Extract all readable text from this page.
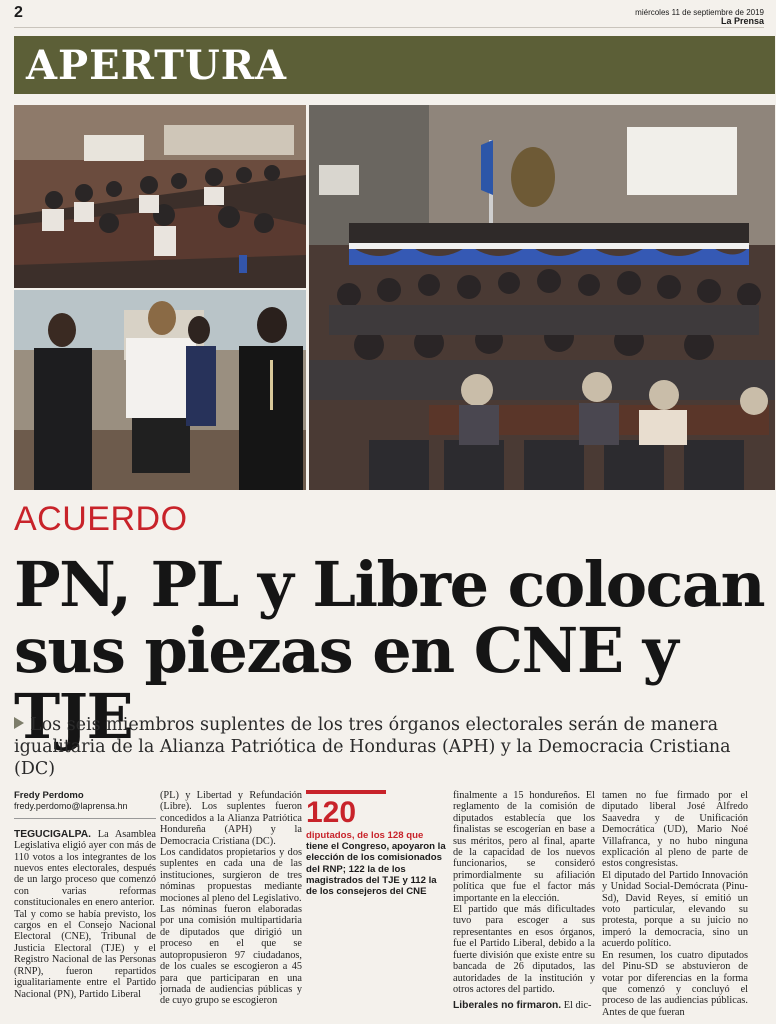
2	miércoles 11 de septiembre de 2019
La Prensa
APERTURA
ACUERDO
PN, PL y Libre colocan
sus piezas en CNE y TJE
Los seis miembros suplentes de los tres órganos electorales serán de manera igualitaria de la Alianza Patriótica de Honduras (APH) y la Democracia Cristiana (DC)
Fredy Perdomo
fredy.perdomo@laprensa.hn

TEGUCIGALPA. La Asamblea Legislativa eligió ayer con más de 110 votos a los integrantes de los nuevos entes electorales, después de un largo proceso que comenzó con varias reformas constitucionales en enero anterior.

Tal y como se había previsto, los cargos en el Consejo Nacional Electoral (CNE), Tribunal de Justicia Electoral (TJE) y el Registro Nacional de las Personas (RNP), fueron repartidos igualitariamente entre el Partido Nacional (PN), Partido Liberal

(PL) y Libertad y Refundación (Libre). Los suplentes fueron concedidos a la Alianza Patriótica Hondureña (APH) y la Democracia Cristiana (DC).

Los candidatos propietarios y dos suplentes en cada una de las instituciones, surgieron de tres nóminas propuestas mediante mociones al pleno del Legislativo.

Las nóminas fueron elaboradas por una comisión multipartidaria de diputados que dirigió un proceso en el que se autopropusieron 97 ciudadanos, de los cuales se escogieron a 45 para que participaran en una jornada de audiencias públicas y de cuyo grupo se escogieron

120
diputados, de los 128 que tiene el Congreso, apoyaron la elección de los comisionados del RNP; 122 la de los magistrados del TJE y 112 la de los consejeros del CNE

finalmente a 15 hondureños. El reglamento de la comisión de diputados establecía que los finalistas se escogerían en base a sus méritos, pero al final, aparte de la capacidad de los nuevos funcionarios, se consideró primordialmente su afiliación política que fue el factor más importante en la elección.

El partido que más dificultades tuvo para escoger a sus representantes en esos órganos, fue el Partido Liberal, debido a la fuerte división que existe entre su bancada de 26 diputados, las autoridades de la institución y otros actores del partido.

Liberales no firmaron. El dic-

tamen no fue firmado por el diputado liberal José Alfredo Saavedra y de Unificación Democrática (UD), Mario Noé Villafranca, y no hubo ninguna explicación al pleno de parte de estos congresistas.

El diputado del Partido Innovación y Unidad Social-Demócrata (Pinu-Sd), David Reyes, sí emitió un voto particular, elevando su protesta, porque a su juicio no imperó la democracia, sino un acuerdo político.

En resumen, los cuatro diputados del Pinu-SD se abstuvieron de votar por diferencias en la forma que comenzó y concluyó el proceso de las audiencias públicas. Antes de que fueran
